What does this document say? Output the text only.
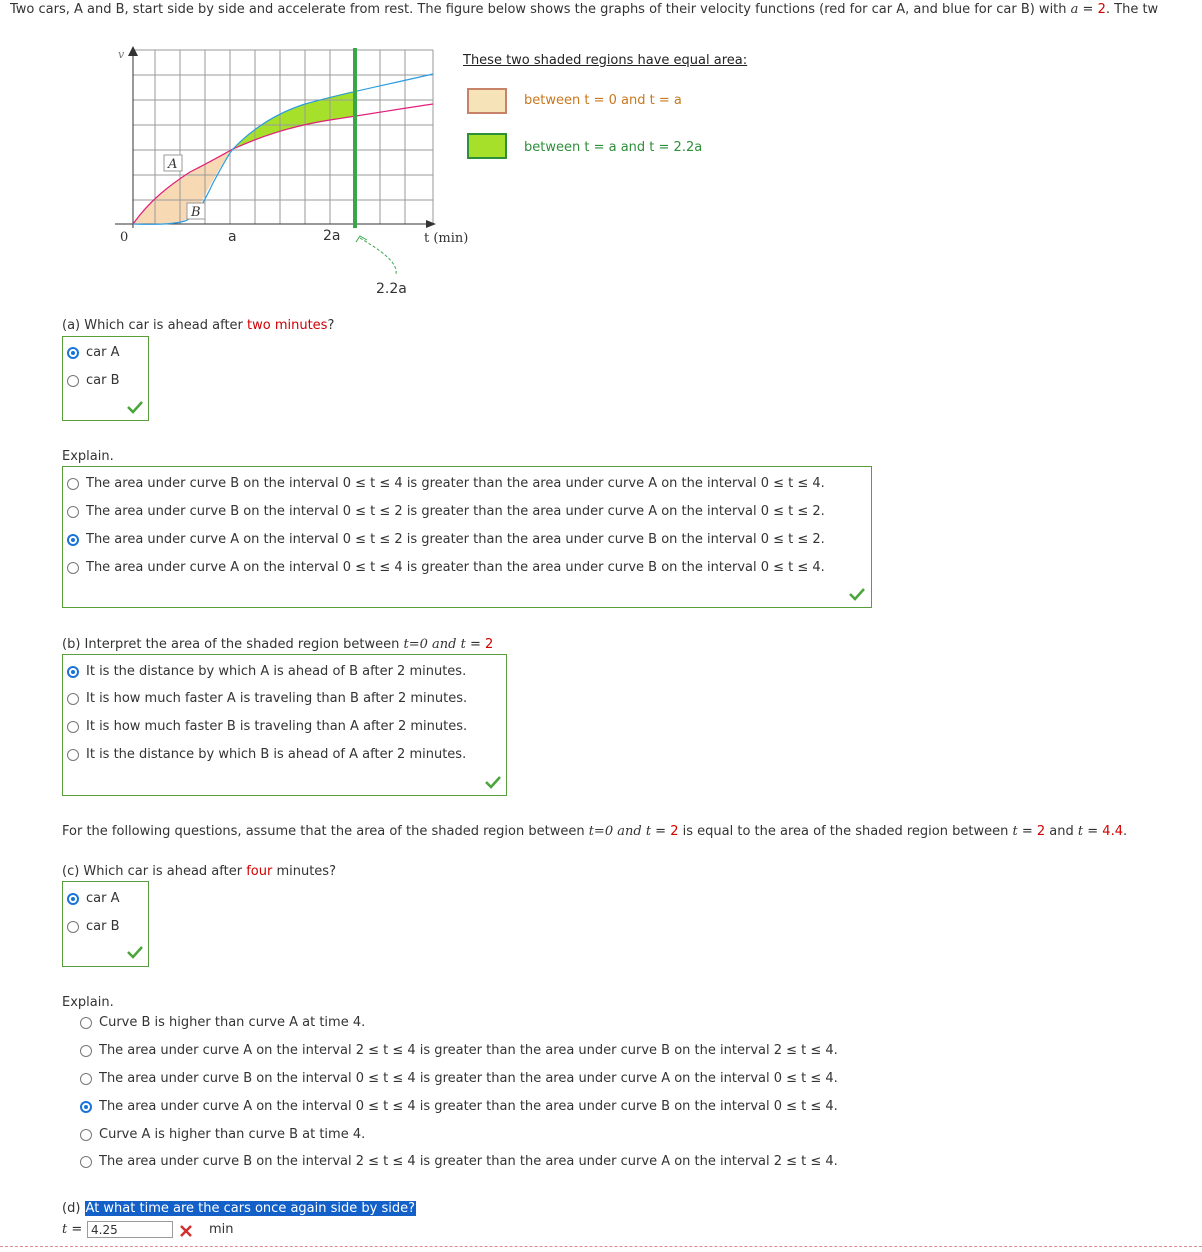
Two cars, A and B, start side by side and accelerate from rest. The figure below shows the graphs of their velocity functions (red for car A, and blue for car B) with a = 2. The tw
A
B
v
0	a	2a	t (min)
2.2a
These two shaded regions have equal area:
between t = 0 and t = a
between t = a and t = 2.2a
(a) Which car is ahead after two minutes?
car A
car B
Explain.
The area under curve B on the interval 0 ≤ t ≤ 4 is greater than the area under curve A on the interval 0 ≤ t ≤ 4.
The area under curve B on the interval 0 ≤ t ≤ 2 is greater than the area under curve A on the interval 0 ≤ t ≤ 2.
The area under curve A on the interval 0 ≤ t ≤ 2 is greater than the area under curve B on the interval 0 ≤ t ≤ 2.
The area under curve A on the interval 0 ≤ t ≤ 4 is greater than the area under curve B on the interval 0 ≤ t ≤ 4.
(b) Interpret the area of the shaded region between t=0 and t = 2
It is the distance by which A is ahead of B after 2 minutes.
It is how much faster A is traveling than B after 2 minutes.
It is how much faster B is traveling than A after 2 minutes.
It is the distance by which B is ahead of A after 2 minutes.
For the following questions, assume that the area of the shaded region between t=0 and t = 2 is equal to the area of the shaded region between t = 2 and t = 4.4.
(c) Which car is ahead after four minutes?
car A
car B
Explain.
Curve B is higher than curve A at time 4.
The area under curve A on the interval 2 ≤ t ≤ 4 is greater than the area under curve B on the interval 2 ≤ t ≤ 4.
The area under curve B on the interval 0 ≤ t ≤ 4 is greater than the area under curve A on the interval 0 ≤ t ≤ 4.
The area under curve A on the interval 0 ≤ t ≤ 4 is greater than the area under curve B on the interval 0 ≤ t ≤ 4.
Curve A is higher than curve B at time 4.
The area under curve B on the interval 2 ≤ t ≤ 4 is greater than the area under curve A on the interval 2 ≤ t ≤ 4.
(d) At what time are the cars once again side by side?
t =
4.25	min
